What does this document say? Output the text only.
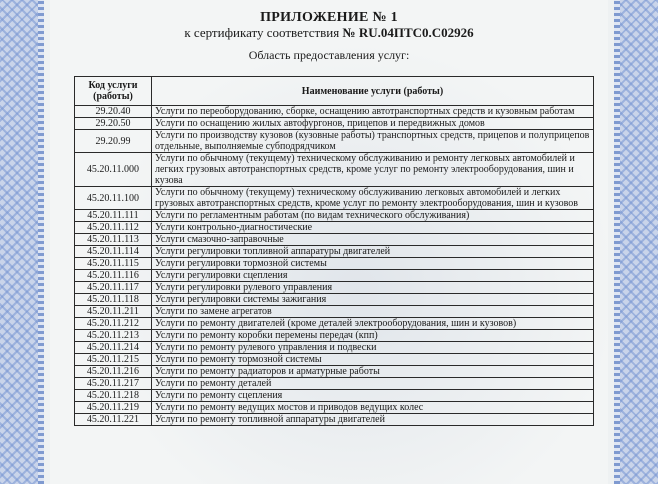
ПРИЛОЖЕНИЕ № 1
к сертификату соответствия № RU.04ПТС0.С02926
Область предоставления услуг:
Код услуги (работы)	Наименование услуги (работы)
29.20.40	Услуги по переоборудованию, сборке, оснащению автотранспортных средств и кузовным работам
29.20.50	Услуги по оснащению жилых автофургонов, прицепов и передвижных домов
29.20.99	Услуги по производству кузовов (кузовные работы) транспортных средств, прицепов и полуприцепов отдельные, выполняемые субподрядчиком
45.20.11.000	Услуги по обычному (текущему) техническому обслуживанию и ремонту легковых автомобилей и легких грузовых автотранспортных средств, кроме услуг по ремонту электрооборудования, шин и кузова
45.20.11.100	Услуги по обычному (текущему) техническому обслуживанию легковых автомобилей и легких грузовых автотранспортных средств, кроме услуг по ремонту электрооборудования, шин и кузовов
45.20.11.111	Услуги по регламентным работам (по видам технического обслуживания)
45.20.11.112	Услуги контрольно-диагностические
45.20.11.113	Услуги смазочно-заправочные
45.20.11.114	Услуги регулировки топливной аппаратуры двигателей
45.20.11.115	Услуги регулировки тормозной системы
45.20.11.116	Услуги регулировки сцепления
45.20.11.117	Услуги регулировки рулевого управления
45.20.11.118	Услуги регулировки системы зажигания
45.20.11.211	Услуги по замене агрегатов
45.20.11.212	Услуги по ремонту двигателей (кроме деталей электрооборудования, шин и кузовов)
45.20.11.213	Услуги по ремонту коробки перемены передач (кпп)
45.20.11.214	Услуги по ремонту рулевого управления и подвески
45.20.11.215	Услуги по ремонту тормозной системы
45.20.11.216	Услуги по ремонту радиаторов и арматурные работы
45.20.11.217	Услуги по ремонту деталей
45.20.11.218	Услуги по ремонту сцепления
45.20.11.219	Услуги по ремонту ведущих мостов и приводов ведущих колес
45.20.11.221	Услуги по ремонту топливной аппаратуры двигателей
